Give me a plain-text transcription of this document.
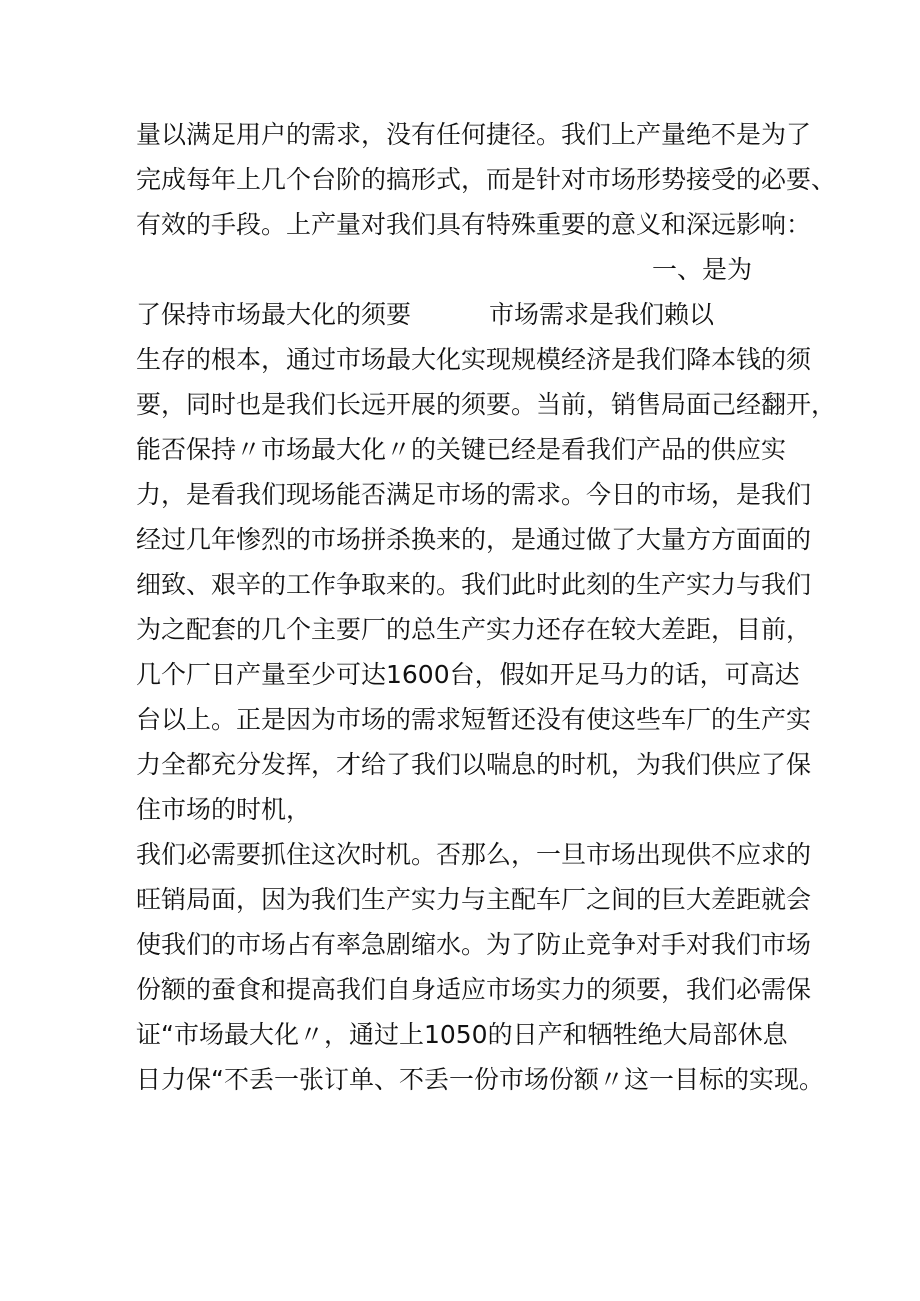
量以满足用户的需求，没有任何捷径。我们上产量绝不是为了
完成每年上几个台阶的搞形式，而是针对市场形势接受的必要、
有效的手段。上产量对我们具有特殊重要的意义和深远影响：
一、是为
了保持市场最大化的须要	市场需求是我们赖以
生存的根本，通过市场最大化实现规模经济是我们降本钱的须
要，同时也是我们长远开展的须要。当前，销售局面己经翻开，
能否保持〃市场最大化〃的关键已经是看我们产品的供应实
力，是看我们现场能否满足市场的需求。今日的市场，是我们
经过几年惨烈的市场拼杀换来的，是通过做了大量方方面面的
细致、艰辛的工作争取来的。我们此时此刻的生产实力与我们
为之配套的几个主要厂的总生产实力还存在较大差距，目前，
几个厂日产量至少可达1600台，假如开足马力的话，可高达
台以上。正是因为市场的需求短暂还没有使这些车厂的生产实
力全都充分发挥，才给了我们以喘息的时机，为我们供应了保
住市场的时机，
我们必需要抓住这次时机。否那么，一旦市场出现供不应求的
旺销局面，因为我们生产实力与主配车厂之间的巨大差距就会
使我们的市场占有率急剧缩水。为了防止竞争对手对我们市场
份额的蚕食和提高我们自身适应市场实力的须要，我们必需保
证“市场最大化〃，通过上1050的日产和牺牲绝大局部休息
日力保“不丢一张订单、不丢一份市场份额〃这一目标的实现。
